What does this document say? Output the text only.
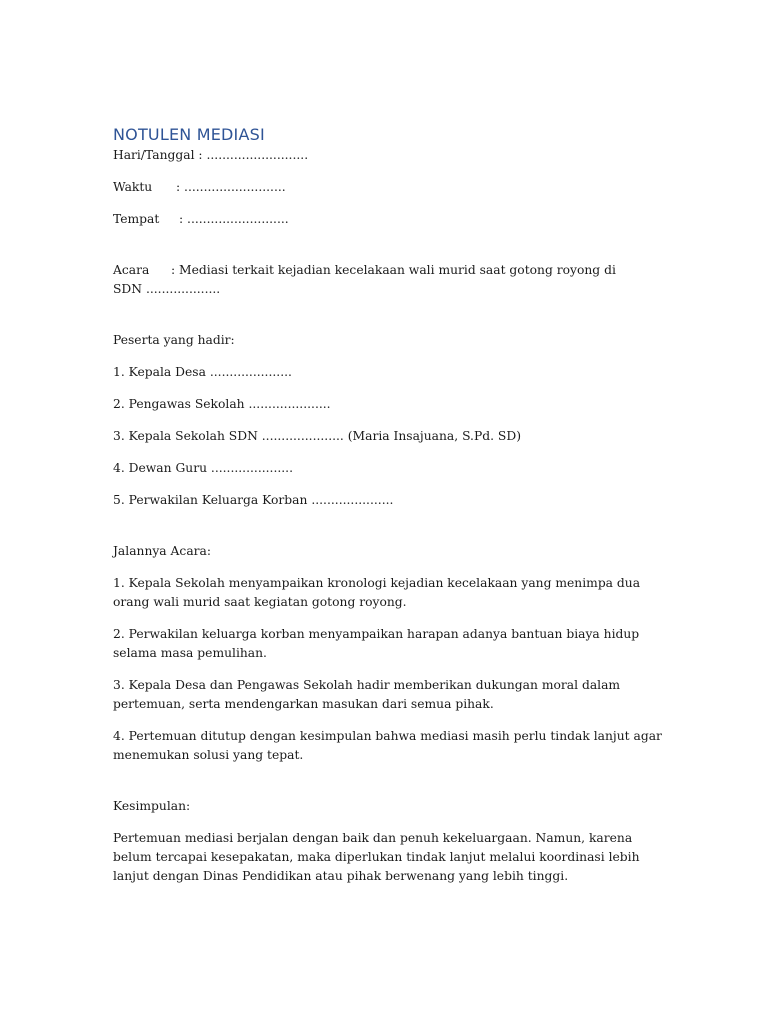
NOTULEN MEDIASI

Hari/Tanggal : ..........................

Waktu : ..........................

Tempat : ..........................

Acara : Mediasi terkait kejadian kecelakaan wali murid saat gotong royong di

SDN ...................

Peserta yang hadir:

1. Kepala Desa .....................

2. Pengawas Sekolah .....................

3. Kepala Sekolah SDN ..................... (Maria Insajuana, S.Pd. SD)

4. Dewan Guru .....................

5. Perwakilan Keluarga Korban .....................

Jalannya Acara:

1. Kepala Sekolah menyampaikan kronologi kejadian kecelakaan yang menimpa dua orang wali murid saat kegiatan gotong royong.

2. Perwakilan keluarga korban menyampaikan harapan adanya bantuan biaya hidup selama masa pemulihan.

3. Kepala Desa dan Pengawas Sekolah hadir memberikan dukungan moral dalam pertemuan, serta mendengarkan masukan dari semua pihak.

4. Pertemuan ditutup dengan kesimpulan bahwa mediasi masih perlu tindak lanjut agar menemukan solusi yang tepat.

Kesimpulan:

Pertemuan mediasi berjalan dengan baik dan penuh kekeluargaan. Namun, karena belum tercapai kesepakatan, maka diperlukan tindak lanjut melalui koordinasi lebih lanjut dengan Dinas Pendidikan atau pihak berwenang yang lebih tinggi.
